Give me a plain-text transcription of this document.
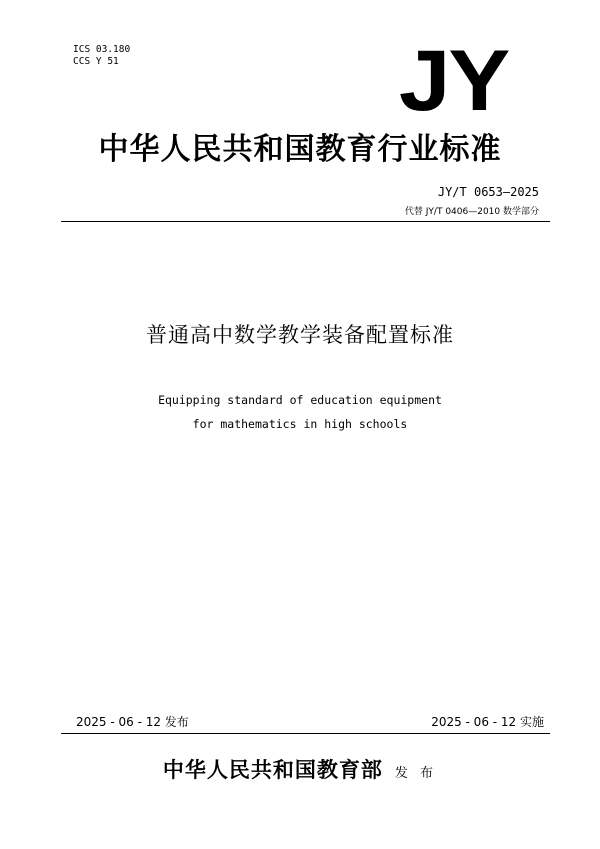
ICS 03.180
CCS Y 51	JY
中华人民共和国教育行业标准
JY/T 0653—2025
代替 JY/T 0406—2010 数学部分
普通高中数学教学装备配置标准
Equipping standard of education equipment
for mathematics in high schools
2025 - 06 - 12 发布	2025 - 06 - 12 实施
中华人民共和国教育部 发 布
